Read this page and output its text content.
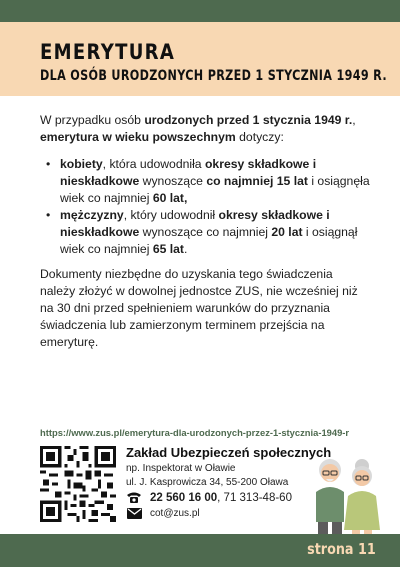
EMERYTURA
DLA OSÓB URODZONYCH PRZED 1 STYCZNIA 1949 R.

W przypadku osób urodzonych przed 1 stycznia 1949 r., emerytura w wieku powszechnym dotyczy:

• kobiety, która udowodniła okresy składkowe i nieskładkowe wynoszące co najmniej 15 lat i osiągnęła wiek co najmniej 60 lat,
• mężczyzny, który udowodnił okresy składkowe i nieskładkowe wynoszące co najmniej 20 lat i osiągnął wiek co najmniej 65 lat.

Dokumenty niezbędne do uzyskania tego świadczenia należy złożyć w dowolnej jednostce ZUS, nie wcześniej niż na 30 dni przed spełnieniem warunków do przyznania świadczenia lub zamierzonym terminem przejścia na emeryturę.

https://www.zus.pl/emerytura-dla-urodzonych-przez-1-stycznia-1949-r
Zakład Ubezpieczeń społecznych
np. Inspektorat w Oławie
ul. J. Kasprowicza 34, 55-200 Oława
22 560 16 00 , 71 313-48-60
cot@zus.pl
strona 11
